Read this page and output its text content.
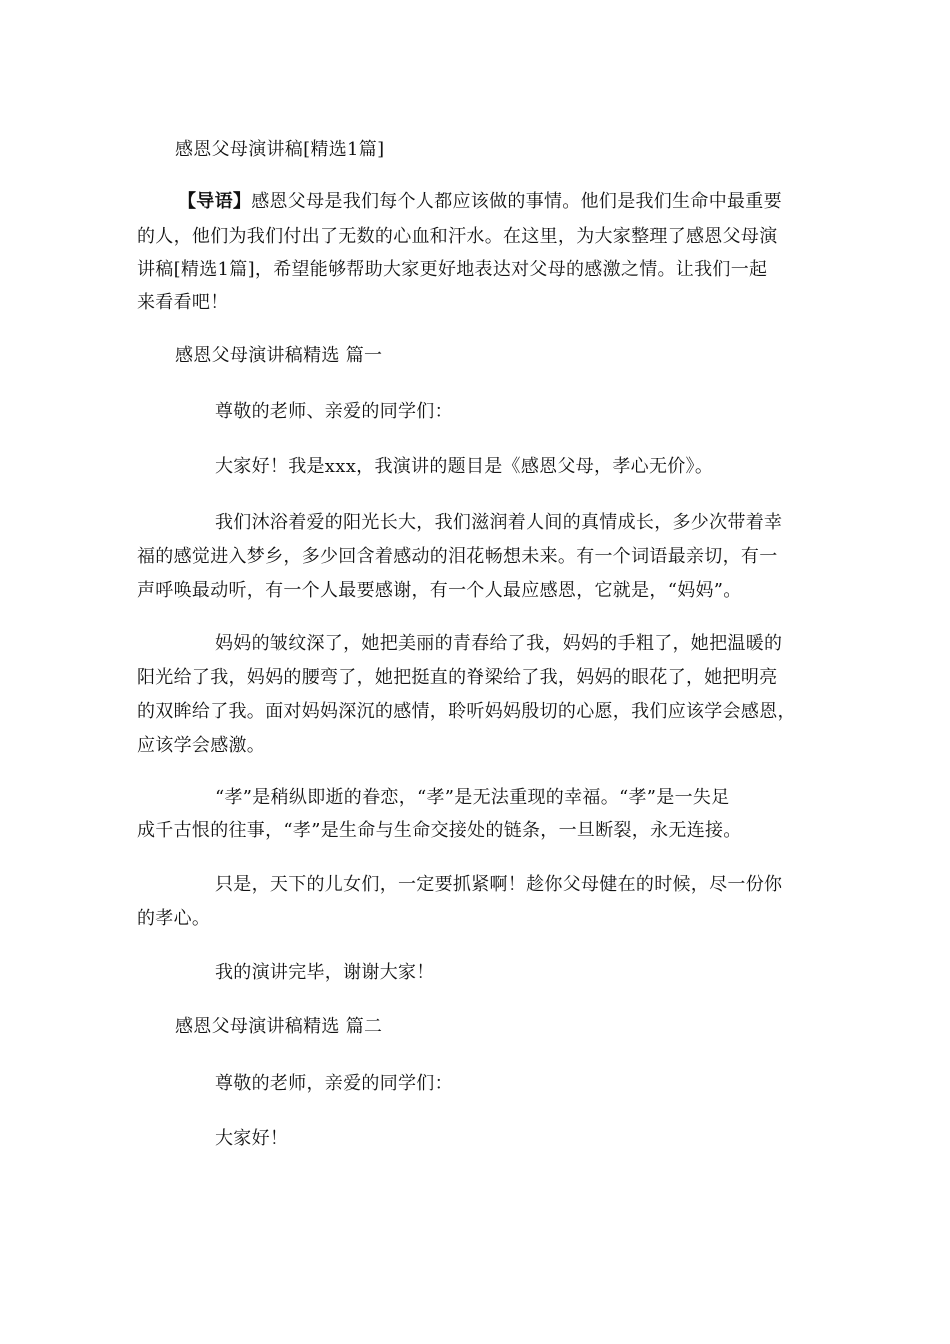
感恩父母演讲稿[精选1篇]
【导语】感恩父母是我们每个人都应该做的事情。他们是我们生命中最重要
的人，他们为我们付出了无数的心血和汗水。在这里，为大家整理了感恩父母演
讲稿[精选1篇]，希望能够帮助大家更好地表达对父母的感激之情。让我们一起
来看看吧！
感恩父母演讲稿精选 篇一
尊敬的老师、亲爱的同学们：
大家好！我是xxx，我演讲的题目是《感恩父母，孝心无价》。
我们沐浴着爱的阳光长大，我们滋润着人间的真情成长，多少次带着幸
福的感觉进入梦乡，多少回含着感动的泪花畅想未来。有一个词语最亲切，有一
声呼唤最动听，有一个人最要感谢，有一个人最应感恩，它就是，“妈妈”。
妈妈的皱纹深了，她把美丽的青春给了我，妈妈的手粗了，她把温暖的
阳光给了我，妈妈的腰弯了，她把挺直的脊梁给了我，妈妈的眼花了，她把明亮
的双眸给了我。面对妈妈深沉的感情，聆听妈妈殷切的心愿，我们应该学会感恩，
应该学会感激。
“孝”是稍纵即逝的眷恋，“孝”是无法重现的幸福。“孝”是一失足
成千古恨的往事，“孝”是生命与生命交接处的链条，一旦断裂，永无连接。
只是，天下的儿女们，一定要抓紧啊！趁你父母健在的时候，尽一份你
的孝心。
我的演讲完毕，谢谢大家！
感恩父母演讲稿精选 篇二
尊敬的老师，亲爱的同学们：
大家好！
